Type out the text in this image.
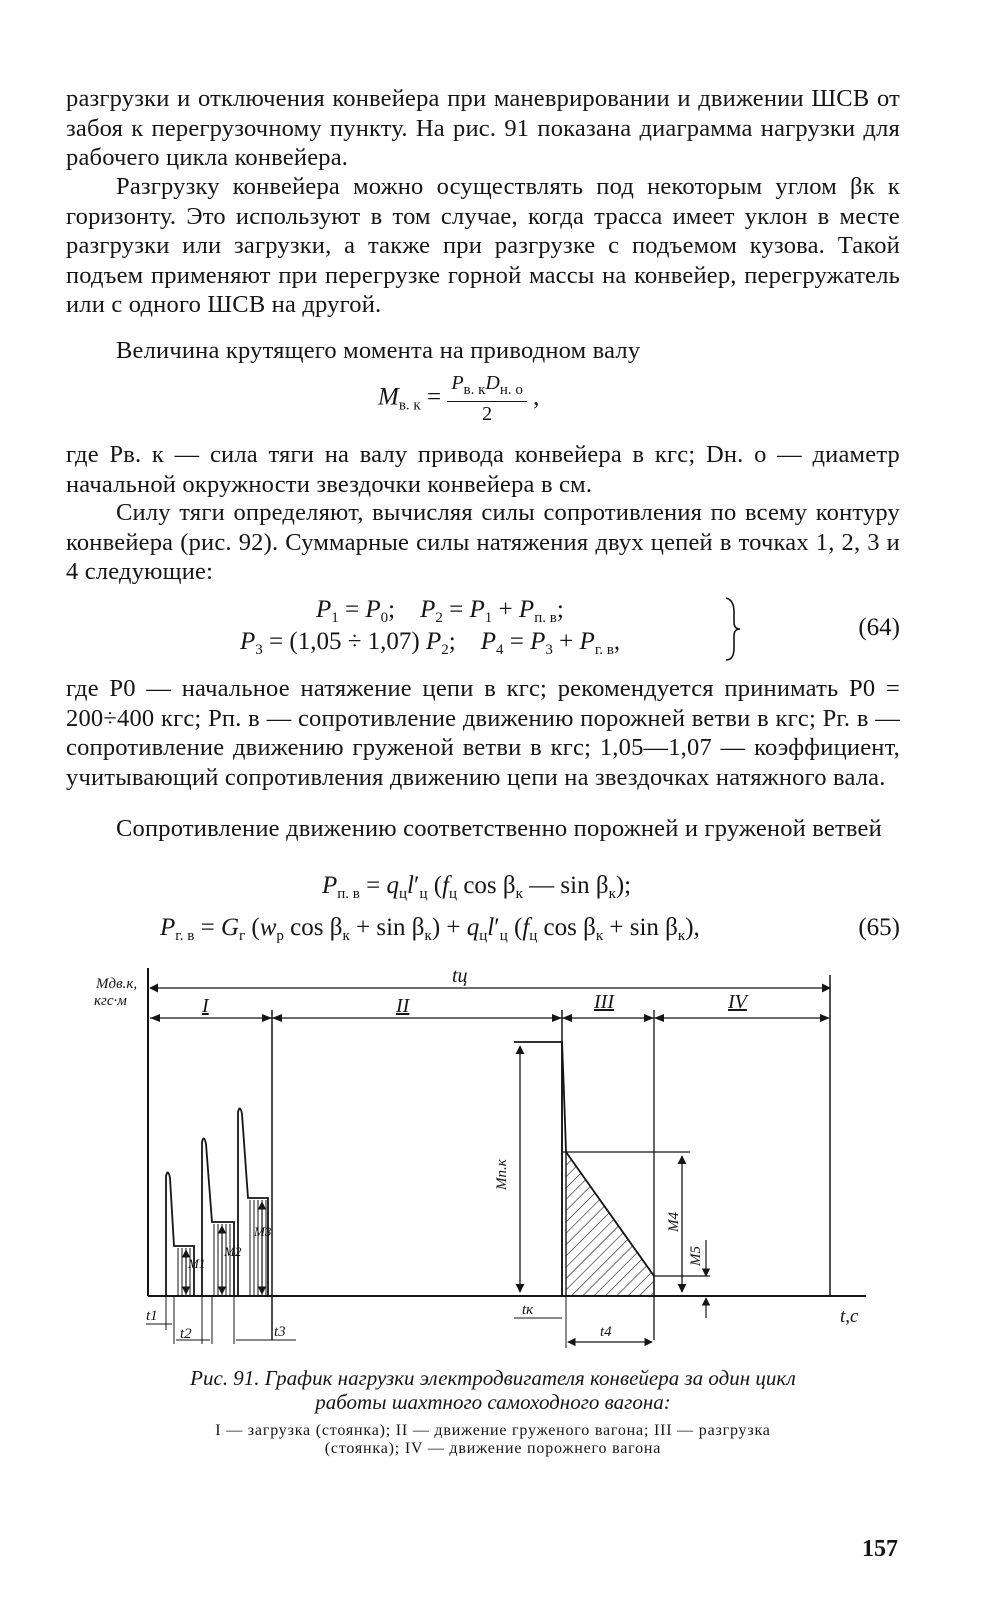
разгрузки и отключения конвейера при маневрировании и движении ШСВ от забоя к перегрузочному пункту. На рис. 91 показана диаграмма нагрузки для рабочего цикла конвейера.

Разгрузку конвейера можно осуществлять под некоторым углом βк к горизонту. Это используют в том случае, когда трасса имеет уклон в месте разгрузки или загрузки, а также при разгрузке с подъемом кузова. Такой подъем применяют при перегрузке горной массы на конвейер, перегружатель или с одного ШСВ на другой.

Величина крутящего момента на приводном валу

$M_{в. к} = \frac{P_{в. к}D_{н. о}}{2}$ ,

где Pв. к — сила тяги на валу привода конвейера в кгс; Dн. о — диаметр начальной окружности звездочки конвейера в см.

Силу тяги определяют, вычисляя силы сопротивления по всему контуру конвейера (рис. 92). Суммарные силы натяжения двух цепей в точках 1, 2, 3 и 4 следующие:

$P_1 = P_0$;    $P_2 = P_1 + P_{п. в}$;
$P_3 = (1,05 \div 1,07)$ $P_2$;    $P_4 = P_3 + P_{г. в}$,
(64)

где P0 — начальное натяжение цепи в кгс; рекомендуется принимать P0 = 200÷400 кгс; Pп. в — сопротивление движению порожней ветви в кгс; Pг. в — сопротивление движению груженой ветви в кгс; 1,05—1,07 — коэффициент, учитывающий сопротивления движению цепи на звездочках натяжного вала.

Сопротивление движению соответственно порожней и груженой ветвей

$P_{п. в} = q_цl'_ц$ ($f_ц$ $\cos \beta_к$ — $\sin \beta_к$);
$P_{г. в} = G_г$ ($w_р$ $\cos \beta_к + \sin \beta_к) + q_цl'_ц$ ($f_ц$ $\cos \beta_к + \sin \beta_к$),	(65)
Mдв.к,
кгс·м
t,c
tц
I	II	III	IV
M1
M2
M3
t1
t2	t3
Mп.к
M4
M5
tк
t4
Рис. 91. График нагрузки электродвигателя конвейера за один цикл
работы шахтного самоходного вагона:
I — загрузка (стоянка); II — движение груженого вагона; III — разгрузка
(стоянка); IV — движение порожнего вагона
157
